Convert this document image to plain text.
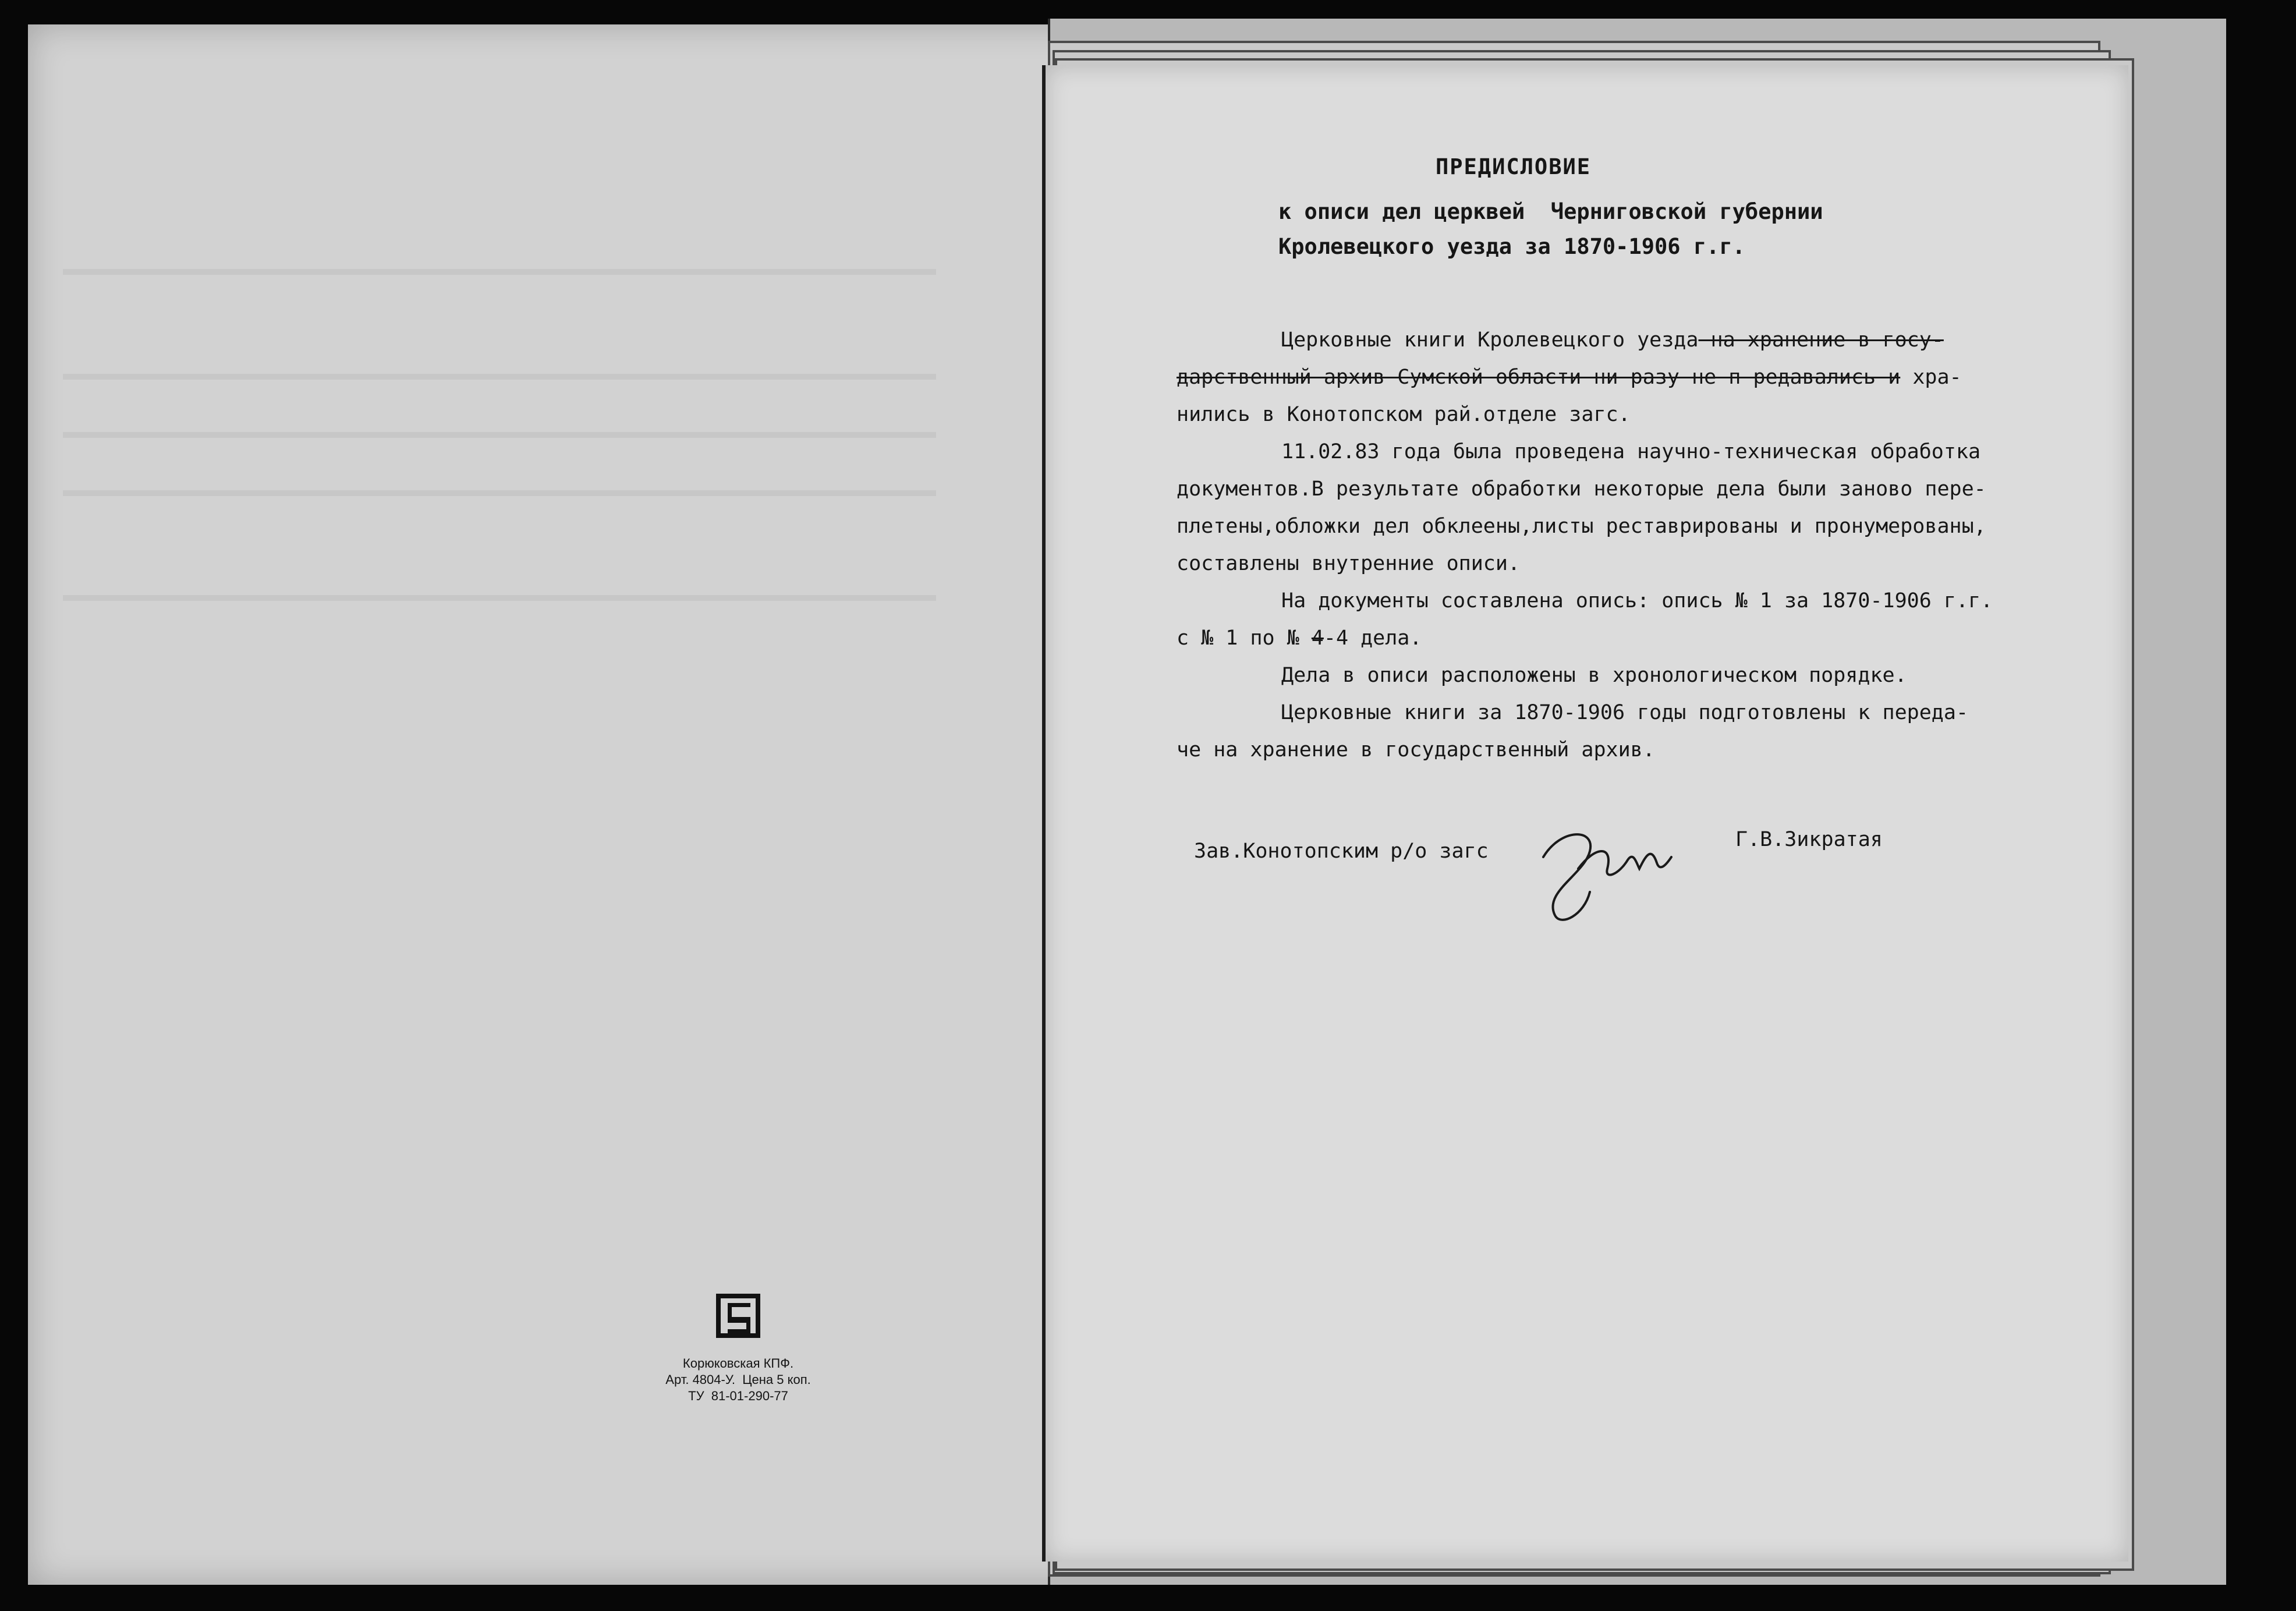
Корюковская КПФ.
Арт. 4804-У.  Цена 5 коп.
ТУ  81-01-290-77
ПРЕДИСЛОВИЕ
к описи дел церквей  Черниговской губернии
Кролевецкого уезда за 1870-1906 г.г.
Церковные книги Кролевецкого уезда на хранение в госу-
дарственный архив Сумской области ни разу не п редавались и хра-
нились в Конотопском рай.отделе загс.
11.02.83 года была проведена научно-техническая обработка
документов.В результате обработки некоторые дела были заново пере-
плетены,обложки дел обклеены,листы реставрированы и пронумерованы,
составлены внутренние описи.
На документы составлена опись: опись № 1 за 1870-1906 г.г.
с № 1 по № 4-4 дела.
Дела в описи расположены в хронологическом порядке.
Церковные книги за 1870-1906 годы подготовлены к переда-
че на хранение в государственный архив.
Зав.Конотопским р/о загс	Г.В.Зикратая
